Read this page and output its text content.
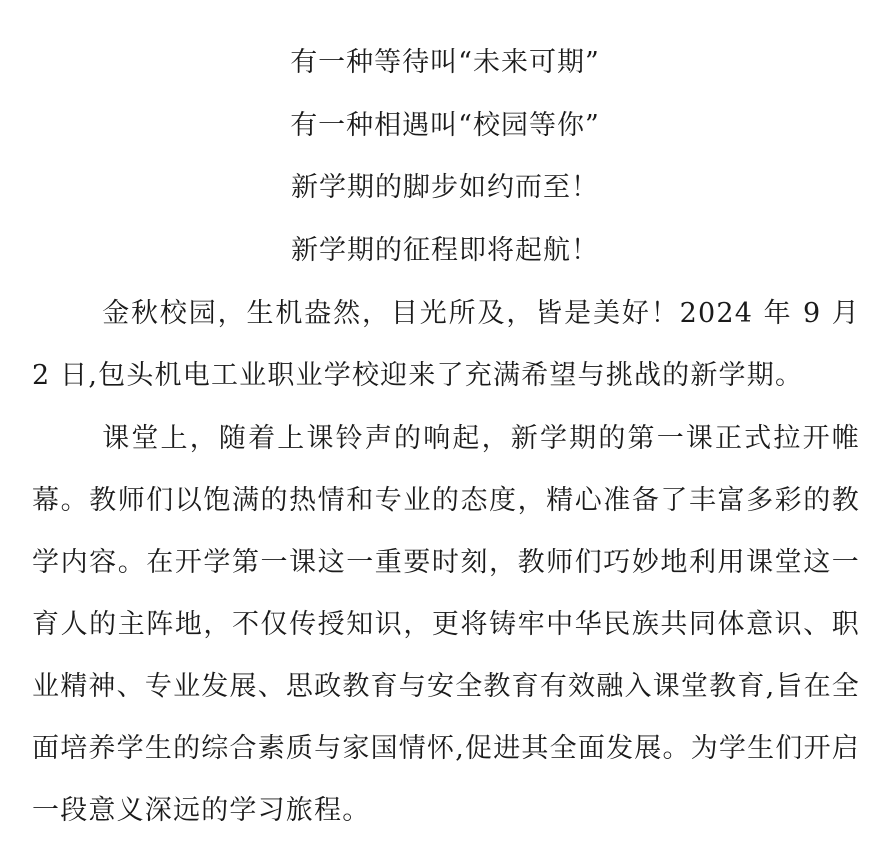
有一种等待叫“未来可期”
有一种相遇叫“校园等你”
新学期的脚步如约而至！
新学期的征程即将起航！

金秋校园，生机盎然，目光所及，皆是美好！2024 年 9 月 2 日,包头机电工业职业学校迎来了充满希望与挑战的新学期。

课堂上，随着上课铃声的响起，新学期的第一课正式拉开帷幕。教师们以饱满的热情和专业的态度，精心准备了丰富多彩的教学内容。在开学第一课这一重要时刻，教师们巧妙地利用课堂这一育人的主阵地，不仅传授知识，更将铸牢中华民族共同体意识、职业精神、专业发展、思政教育与安全教育有效融入课堂教育,旨在全面培养学生的综合素质与家国情怀,促进其全面发展。为学生们开启一段意义深远的学习旅程。
